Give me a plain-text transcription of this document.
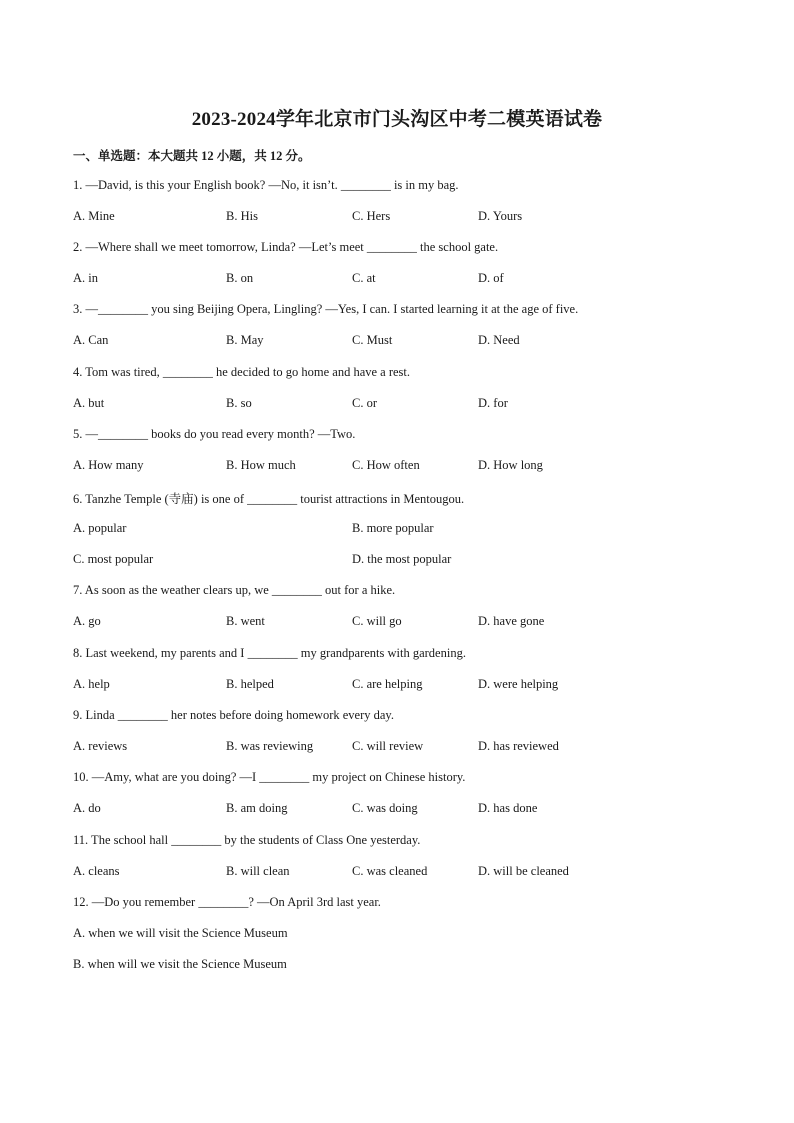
2023-2024学年北京市门头沟区中考二模英语试卷
一、单选题：本大题共 12 小题，共 12 分。
1. —David, is this your English book? —No, it isn’t. ________ is in my bag.
A. Mine	B. His	C. Hers	D. Yours
2. —Where shall we meet tomorrow, Linda? —Let’s meet ________ the school gate.
A. in	B. on	C. at	D. of
3. —________ you sing Beijing Opera, Lingling? —Yes, I can. I started learning it at the age of five.
A. Can	B. May	C. Must	D. Need
4. Tom was tired, ________ he decided to go home and have a rest.
A. but	B. so	C. or	D. for
5. —________ books do you read every month? —Two.
A. How many	B. How much	C. How often	D. How long
6. Tanzhe Temple (寺庙) is one of ________ tourist attractions in Mentougou.
A. popular	B. more popular
C. most popular	D. the most popular
7. As soon as the weather clears up, we ________ out for a hike.
A. go	B. went	C. will go	D. have gone
8. Last weekend, my parents and I ________ my grandparents with gardening.
A. help	B. helped	C. are helping	D. were helping
9. Linda ________ her notes before doing homework every day.
A. reviews	B. was reviewing	C. will review	D. has reviewed
10. —Amy, what are you doing? —I ________ my project on Chinese history.
A. do	B. am doing	C. was doing	D. has done
11. The school hall ________ by the students of Class One yesterday.
A. cleans	B. will clean	C. was cleaned	D. will be cleaned
12. —Do you remember ________? —On April 3rd last year.
A. when we will visit the Science Museum
B. when will we visit the Science Museum
